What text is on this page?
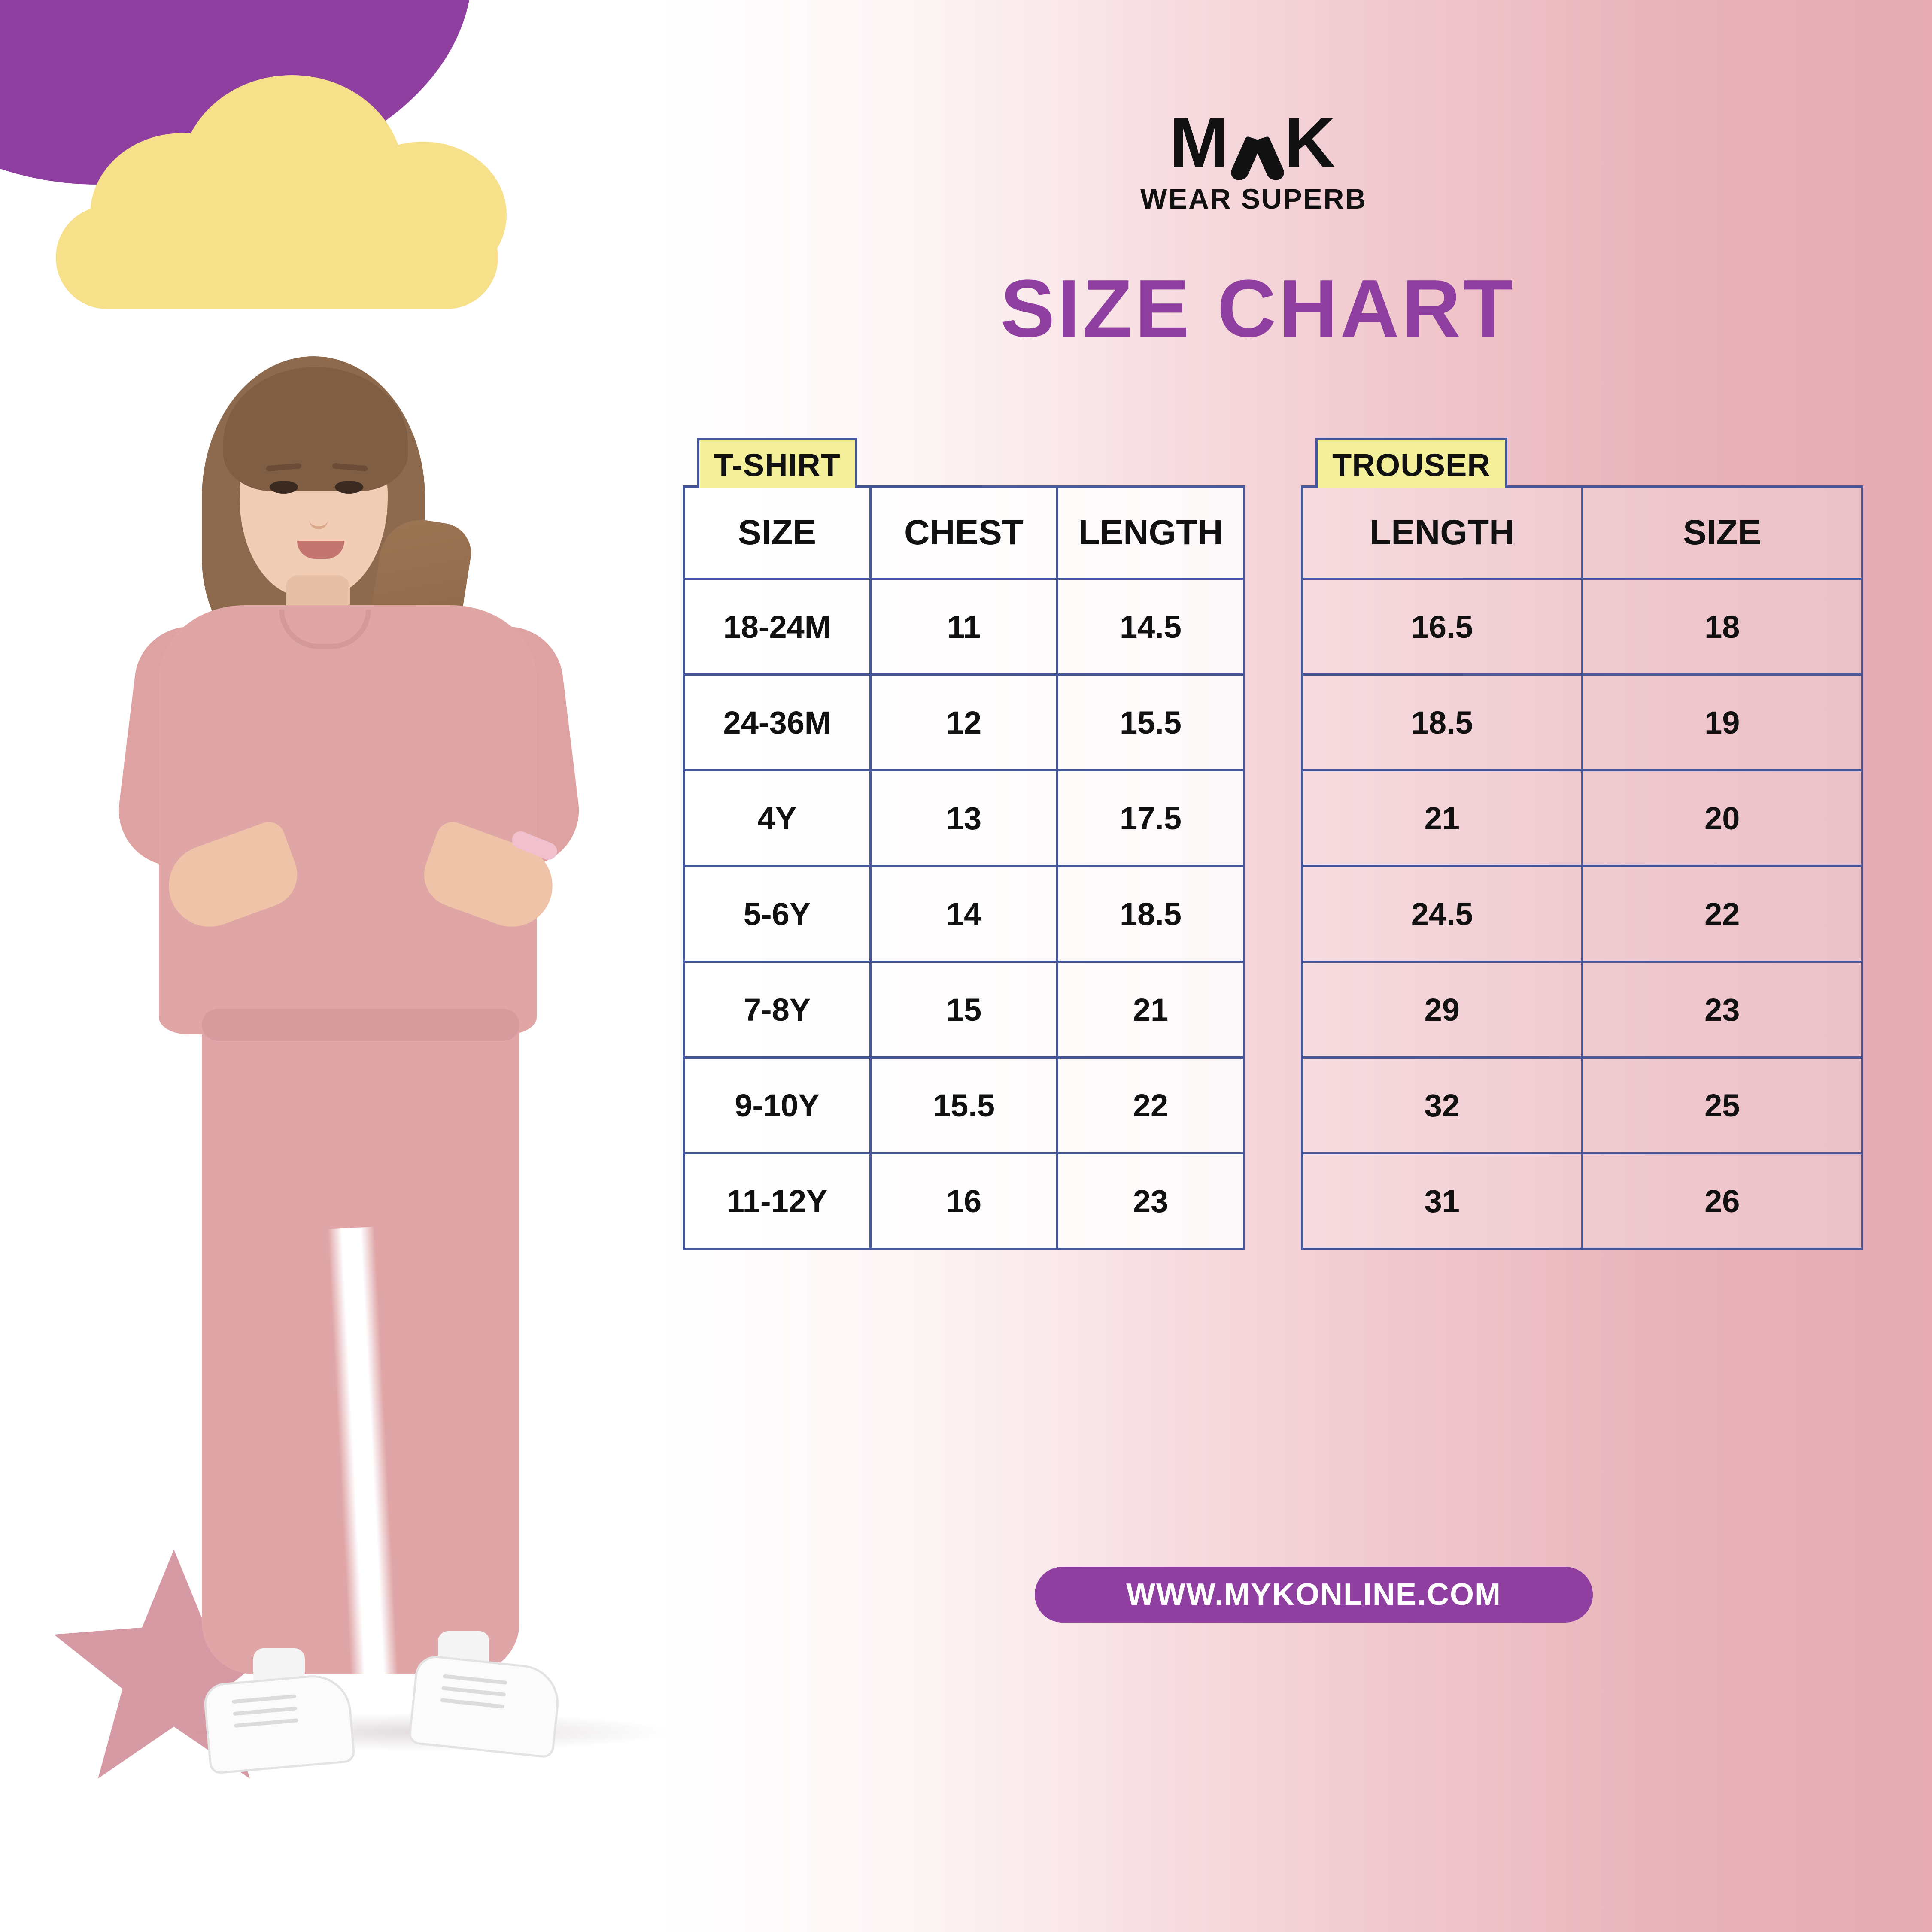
M K
WEAR SUPERB
SIZE CHART
T-SHIRT
SIZE	CHEST	LENGTH
18-24M	11	14.5
24-36M	12	15.5
4Y	13	17.5
5-6Y	14	18.5
7-8Y	15	21
9-10Y	15.5	22
11-12Y	16	23
TROUSER
LENGTH	SIZE
16.5	18
18.5	19
21	20
24.5	22
29	23
32	25
31	26
WWW.MYKONLINE.COM
